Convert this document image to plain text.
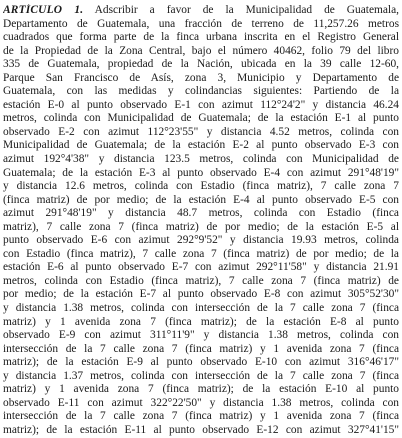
ARTÍCULO 1. Adscribir a favor de la Municipalidad de Guatemala,
Departamento de Guatemala, una fracción de terreno de 11,257.26 metros
cuadrados que forma parte de la finca urbana inscrita en el Registro General
de la Propiedad de la Zona Central, bajo el número 40462, folio 79 del libro
335 de Guatemala, propiedad de la Nación, ubicada en la 39 calle 12-60,
Parque San Francisco de Asís, zona 3, Municipio y Departamento de
Guatemala, con las medidas y colindancias siguientes: Partiendo de la
estación E-0 al punto observado E-1 con azimut 112°24'2" y distancia 46.24
metros, colinda con Municipalidad de Guatemala; de la estación E-1 al punto
observado E-2 con azimut 112°23'55" y distancia 4.52 metros, colinda con
Municipalidad de Guatemala; de la estación E-2 al punto observado E-3 con
azimut 192°4'38" y distancia 123.5 metros, colinda con Municipalidad de
Guatemala; de la estación E-3 al punto observado E-4 con azimut 291°48'19"
y distancia 12.6 metros, colinda con Estadio (finca matriz), 7 calle zona 7
(finca matriz) de por medio; de la estación E-4 al punto observado E-5 con
azimut 291°48'19" y distancia 48.7 metros, colinda con Estadio (finca
matriz), 7 calle zona 7 (finca matriz) de por medio; de la estación E-5 al
punto observado E-6 con azimut 292°9'52" y distancia 19.93 metros, colinda
con Estadio (finca matriz), 7 calle zona 7 (finca matriz) de por medio; de la
estación E-6 al punto observado E-7 con azimut 292°11'58" y distancia 21.91
metros, colinda con Estadio (finca matriz), 7 calle zona 7 (finca matriz) de
por medio; de la estación E-7 al punto observado E-8 con azimut 305°52'30"
y distancia 1.38 metros, colinda con intersección de la 7 calle zona 7 (finca
matriz) y 1 avenida zona 7 (finca matriz); de la estación E-8 al punto
observado E-9 con azimut 311°11'9" y distancia 1.38 metros, colinda con
intersección de la 7 calle zona 7 (finca matriz) y 1 avenida zona 7 (finca
matriz); de la estación E-9 al punto observado E-10 con azimut 316°46'17"
y distancia 1.37 metros, colinda con intersección de la 7 calle zona 7 (finca
matriz) y 1 avenida zona 7 (finca matriz); de la estación E-10 al punto
observado E-11 con azimut 322°22'50" y distancia 1.38 metros, colinda con
intersección de la 7 calle zona 7 (finca matriz) y 1 avenida zona 7 (finca
matriz); de la estación E-11 al punto observado E-12 con azimut 327°41'15"
